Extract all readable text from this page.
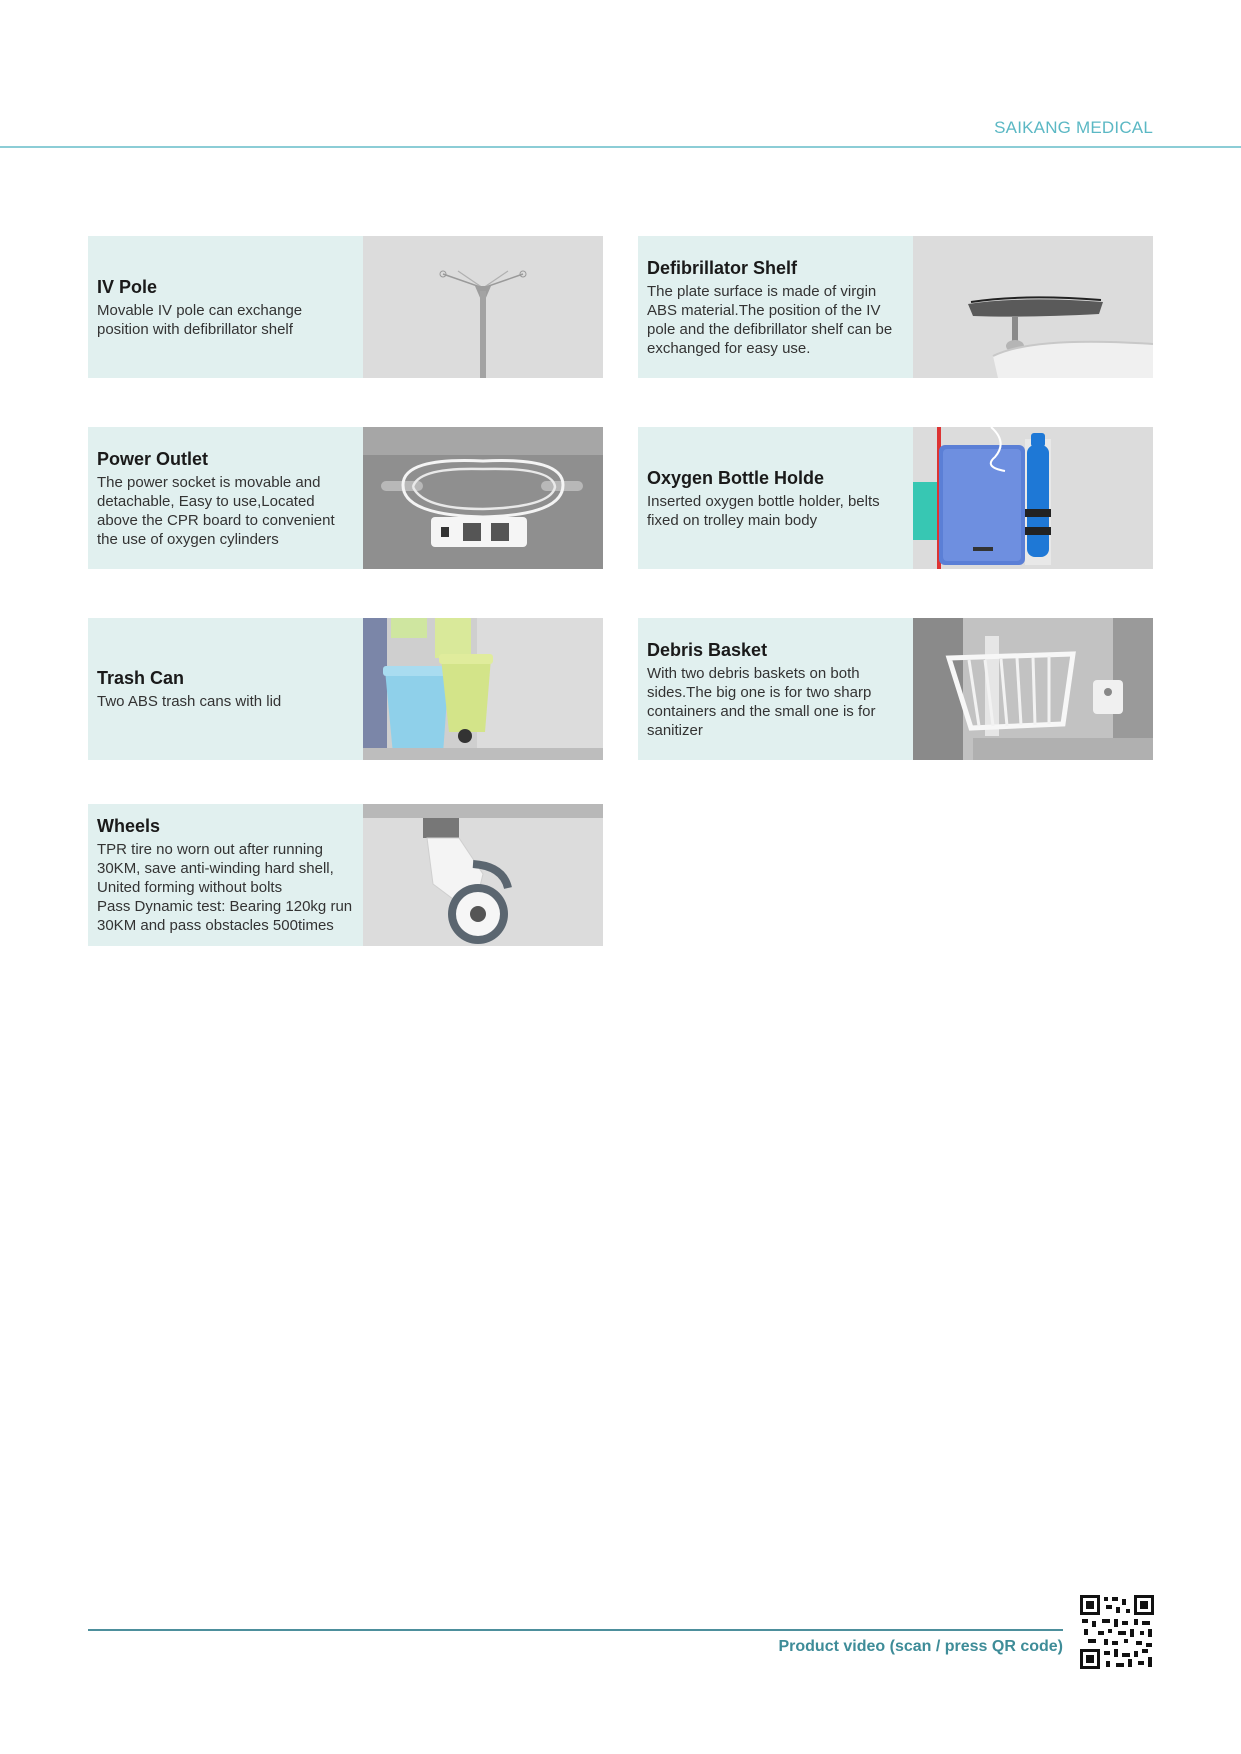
SAIKANG MEDICAL
IV Pole

Movable IV pole can exchange
position with defibrillator shelf

Defibrillator Shelf

The plate surface is made of virgin
ABS material.The position of the IV
pole and the defibrillator shelf can be
exchanged for easy use.

Power Outlet

The power socket is movable and
detachable, Easy to use,Located
above the CPR board to convenient
the use of oxygen cylinders

Oxygen Bottle Holde

Inserted oxygen bottle holder, belts
fixed on trolley main body

Trash Can

Two ABS trash cans with lid

Debris Basket

With two debris baskets on both
sides.The big one is for two sharp
containers and the small one is for
sanitizer

Wheels

TPR tire no worn out after running
30KM, save anti-winding hard shell,
United forming without bolts
Pass Dynamic test: Bearing 120kg run
30KM and pass obstacles 500times

Product video (scan / press QR code)
